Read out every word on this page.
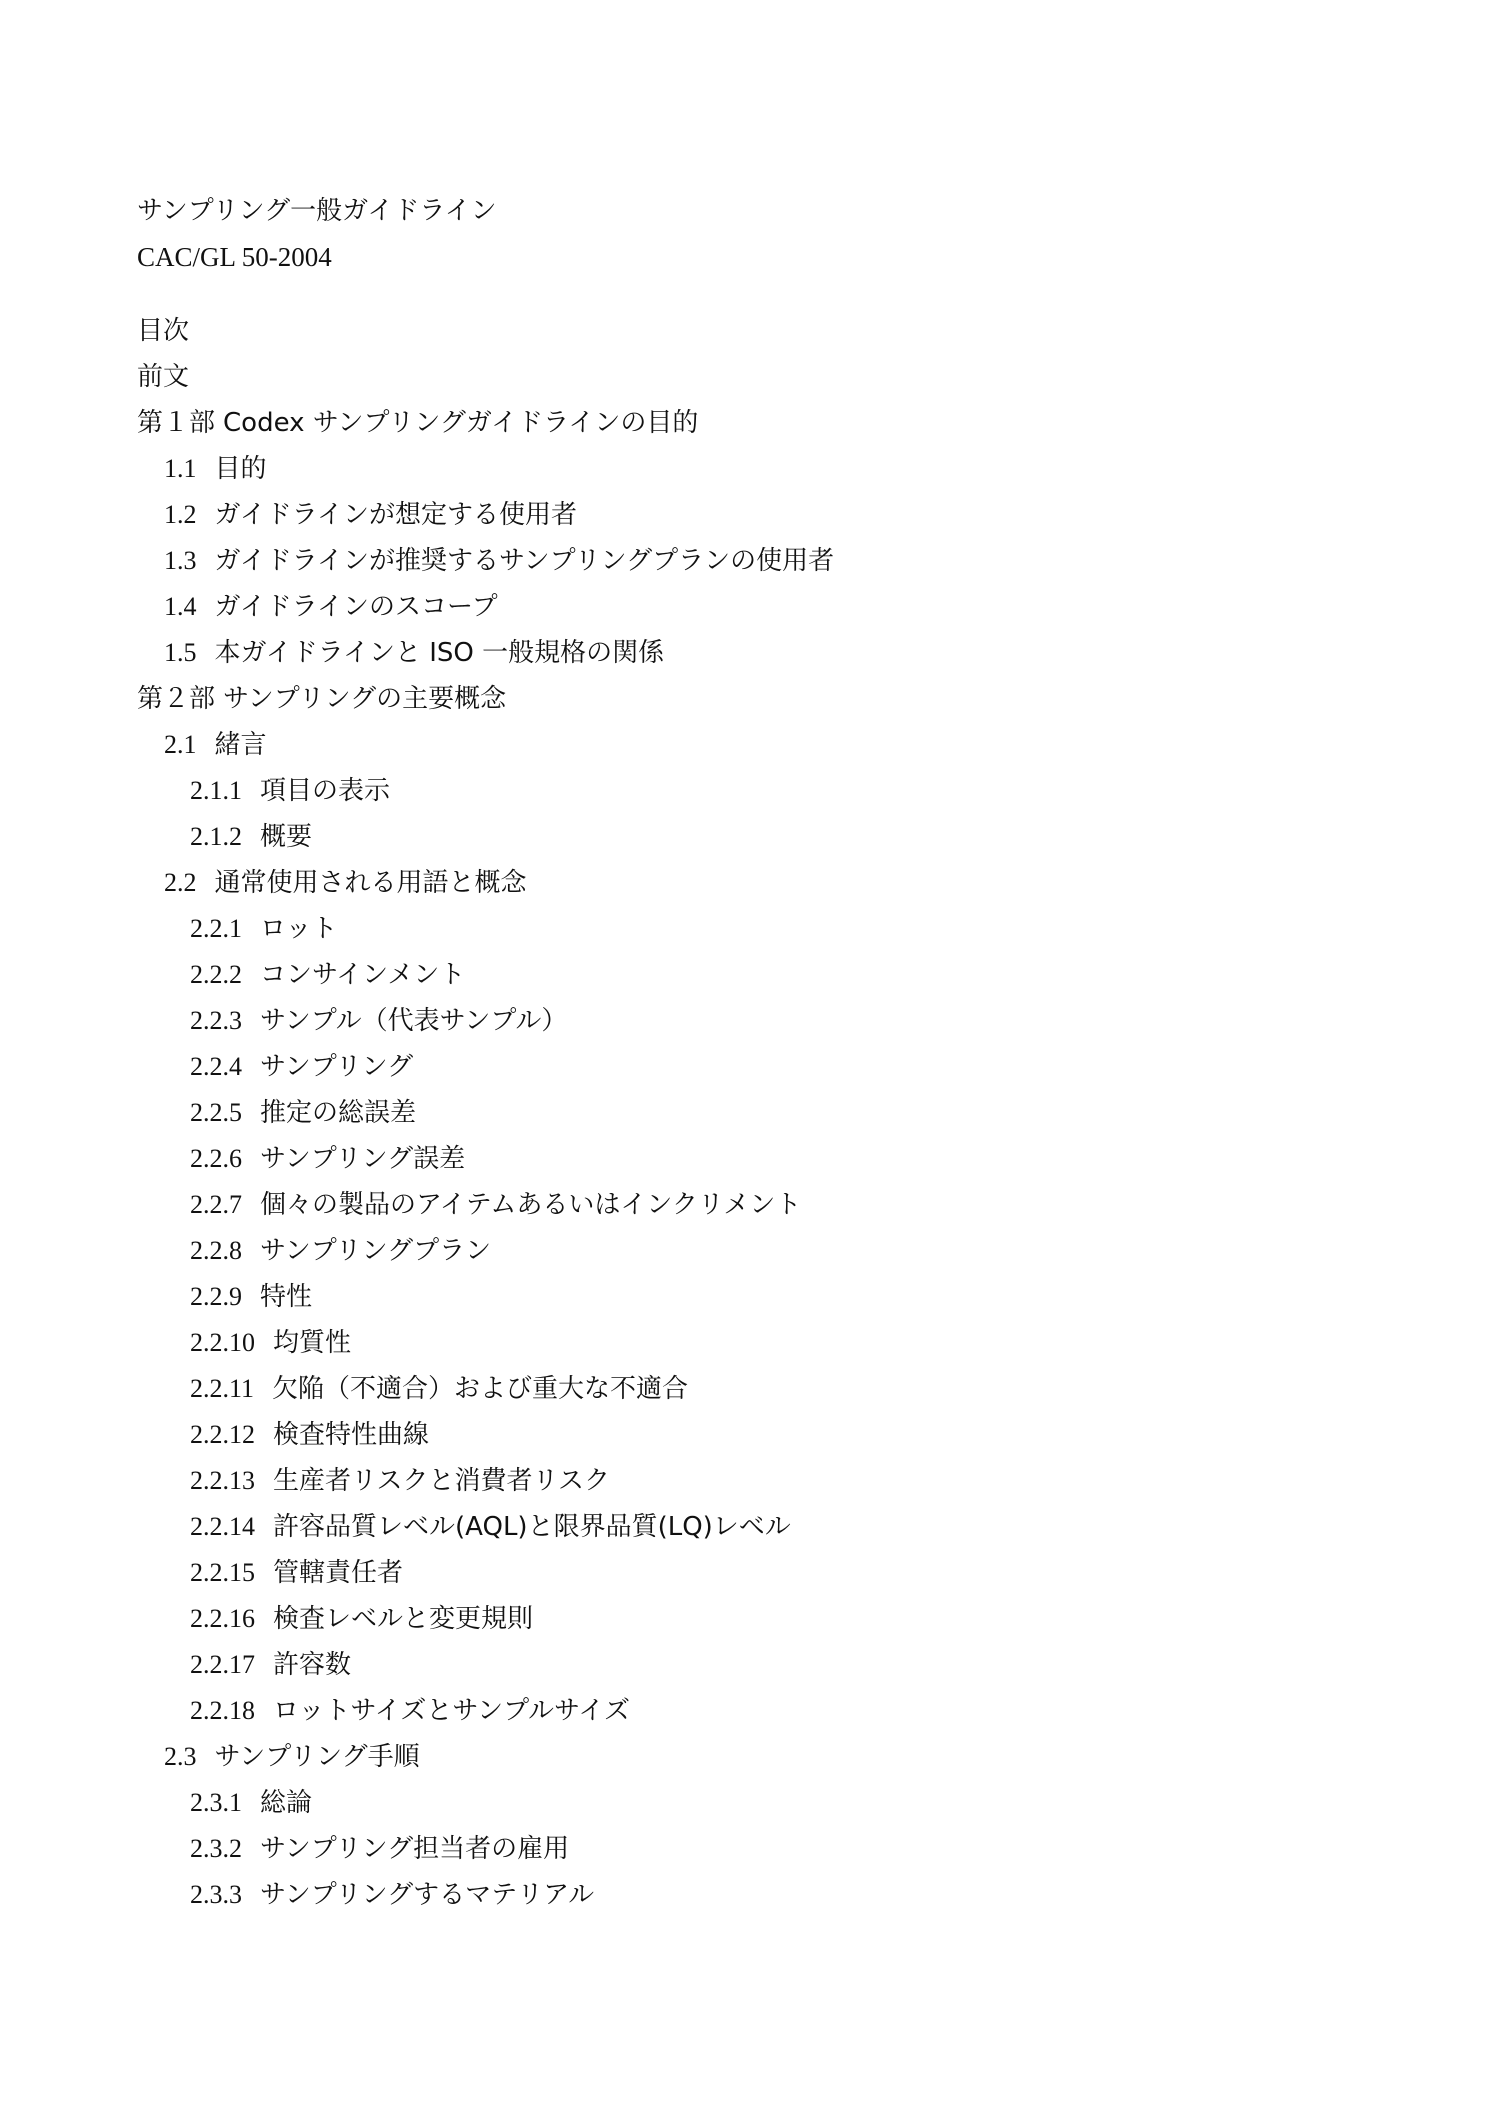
サンプリング一般ガイドライン
CAC/GL 50-2004
目次
前文
第１部 Codex サンプリングガイドラインの目的
1.1 目的
1.2 ガイドラインが想定する使用者
1.3 ガイドラインが推奨するサンプリングプランの使用者
1.4 ガイドラインのスコープ
1.5 本ガイドラインと ISO 一般規格の関係
第２部 サンプリングの主要概念
2.1 緒言
2.1.1 項目の表示
2.1.2 概要
2.2 通常使用される用語と概念
2.2.1 ロット
2.2.2 コンサインメント
2.2.3 サンプル（代表サンプル）
2.2.4 サンプリング
2.2.5 推定の総誤差
2.2.6 サンプリング誤差
2.2.7 個々の製品のアイテムあるいはインクリメント
2.2.8 サンプリングプラン
2.2.9 特性
2.2.10 均質性
2.2.11 欠陥（不適合）および重大な不適合
2.2.12 検査特性曲線
2.2.13 生産者リスクと消費者リスク
2.2.14 許容品質レベル(AQL)と限界品質(LQ)レベル
2.2.15 管轄責任者
2.2.16 検査レベルと変更規則
2.2.17 許容数
2.2.18 ロットサイズとサンプルサイズ
2.3 サンプリング手順
2.3.1 総論
2.3.2 サンプリング担当者の雇用
2.3.3 サンプリングするマテリアル
